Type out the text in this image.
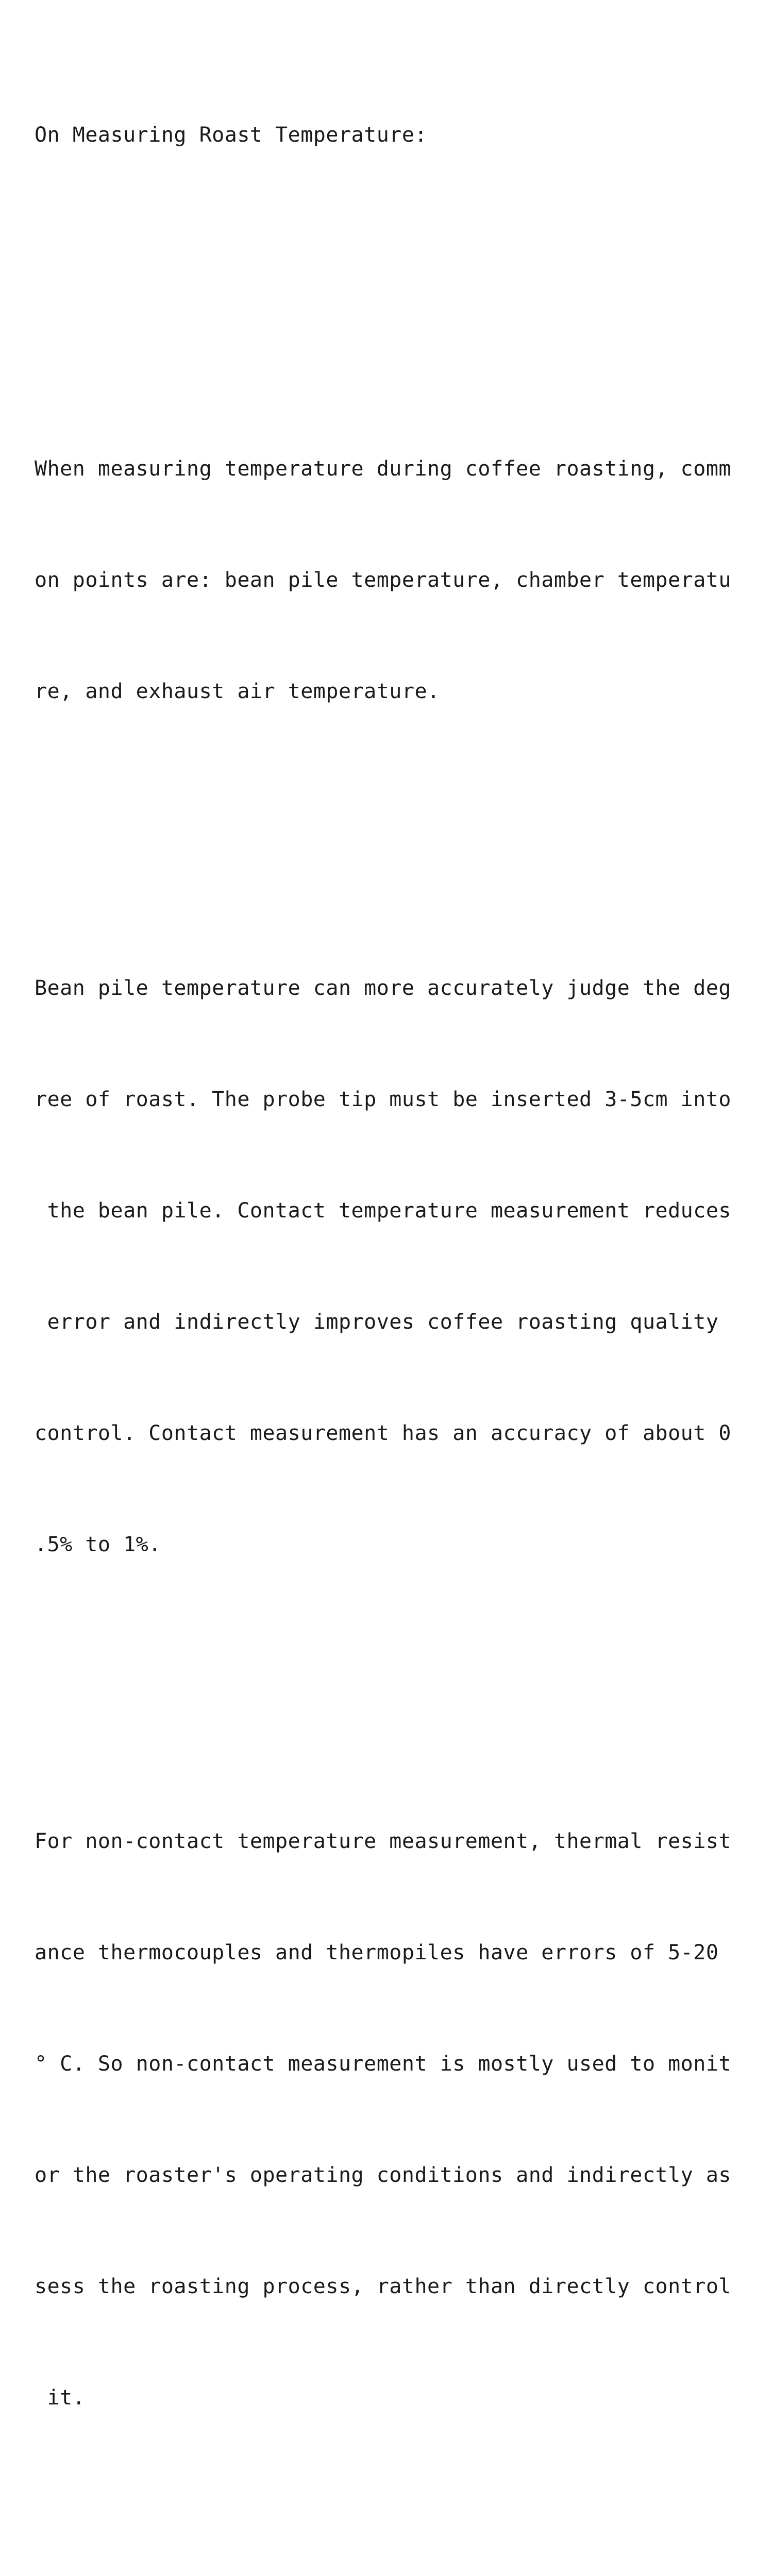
On Measuring Roast Temperature:

When measuring temperature during coffee roasting, comm

on points are: bean pile temperature, chamber temperatu

re, and exhaust air temperature.

Bean pile temperature can more accurately judge the deg

ree of roast. The probe tip must be inserted 3-5cm into

the bean pile. Contact temperature measurement reduces

error and indirectly improves coffee roasting quality

control. Contact measurement has an accuracy of about 0

.5% to 1%.

For non-contact temperature measurement, thermal resist

ance thermocouples and thermopiles have errors of 5-20

° C. So non-contact measurement is mostly used to monit

or the roaster's operating conditions and indirectly as

sess the roasting process, rather than directly control

it.
